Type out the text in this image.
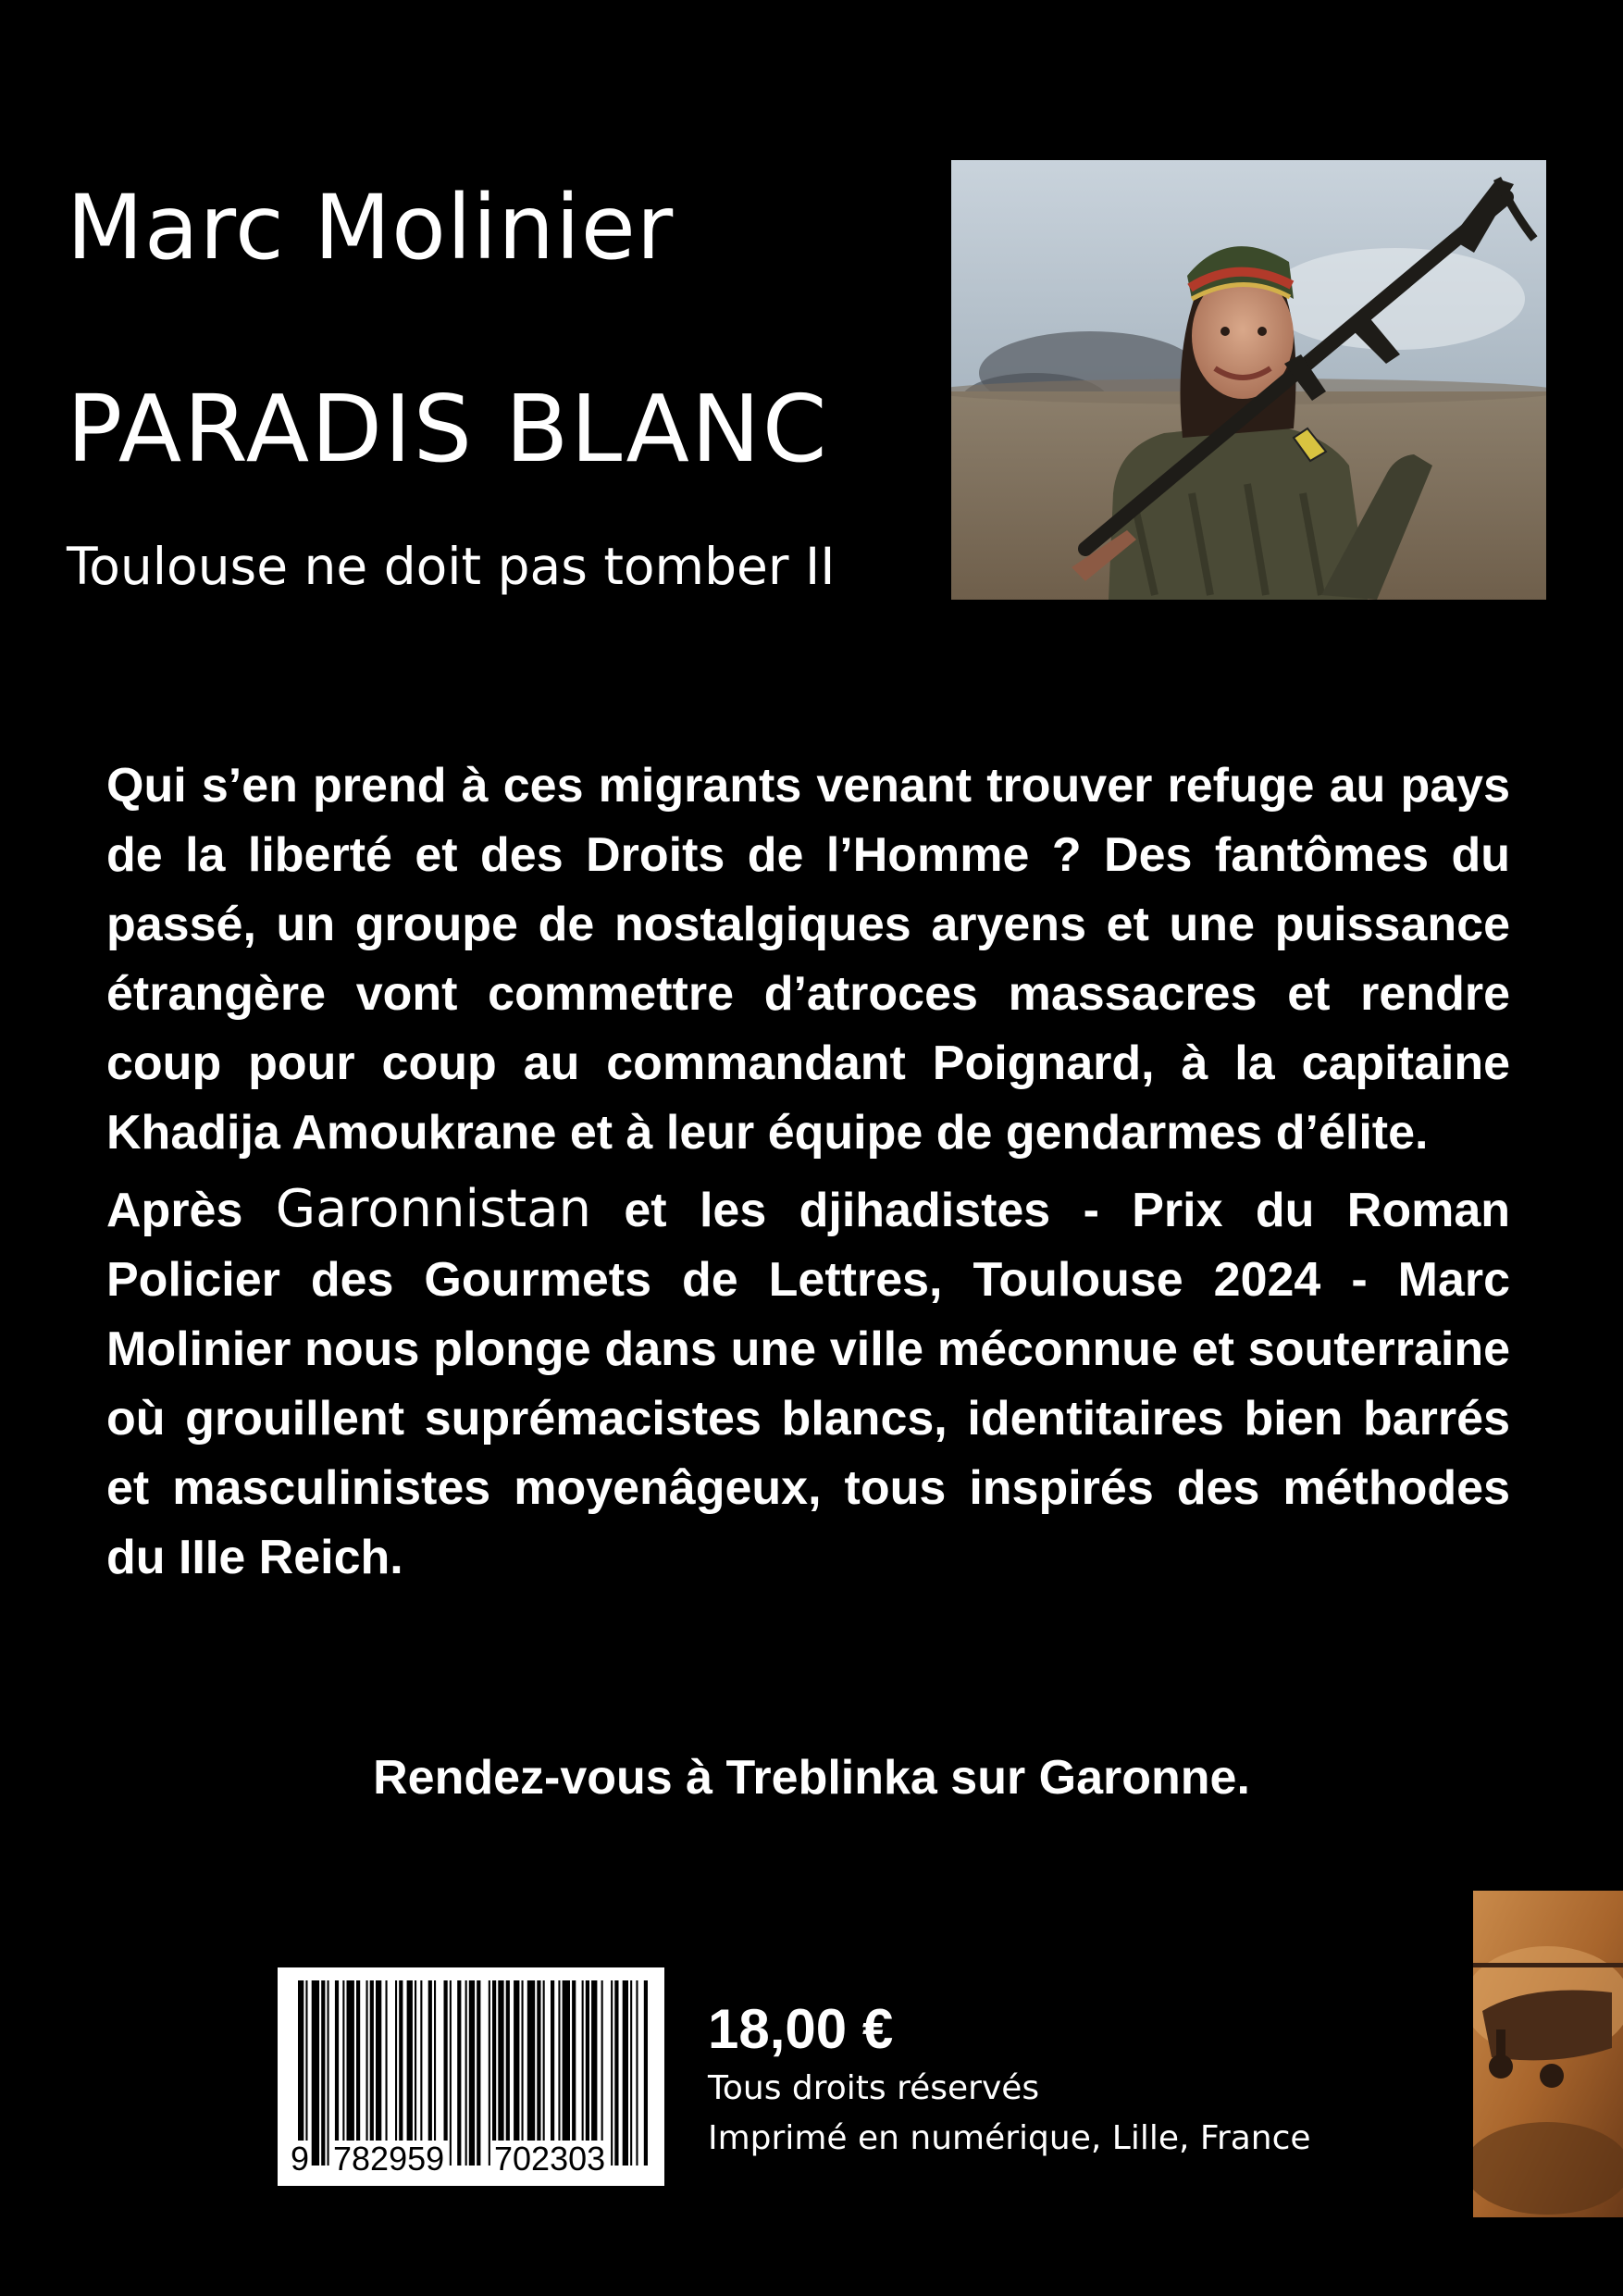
Marc Molinier
PARADIS BLANC
Toulouse ne doit pas tomber II

Qui s’en prend à ces migrants venant trouver refuge au pays de la liberté et des Droits de l’Homme ? Des fantômes du passé, un groupe de nostalgiques aryens et une puissance étrangère vont commettre d’atroces massacres et rendre coup pour coup au commandant Poignard, à la capitaine Khadija Amoukrane et à leur équipe de gendarmes d’élite.

Après Garonnistan et les djihadistes - Prix du Roman Policier des Gourmets de Lettres, Toulouse 2024 - Marc Molinier nous plonge dans une ville méconnue et souterraine où grouillent suprémacistes blancs, identitaires bien barrés et masculinistes moyenâgeux, tous inspirés des méthodes du IIIe Reich.

Rendez-vous à Treblinka sur Garonne.
9 782959 702303
18,00 €
Tous droits réservés
Imprimé en numérique, Lille, France
